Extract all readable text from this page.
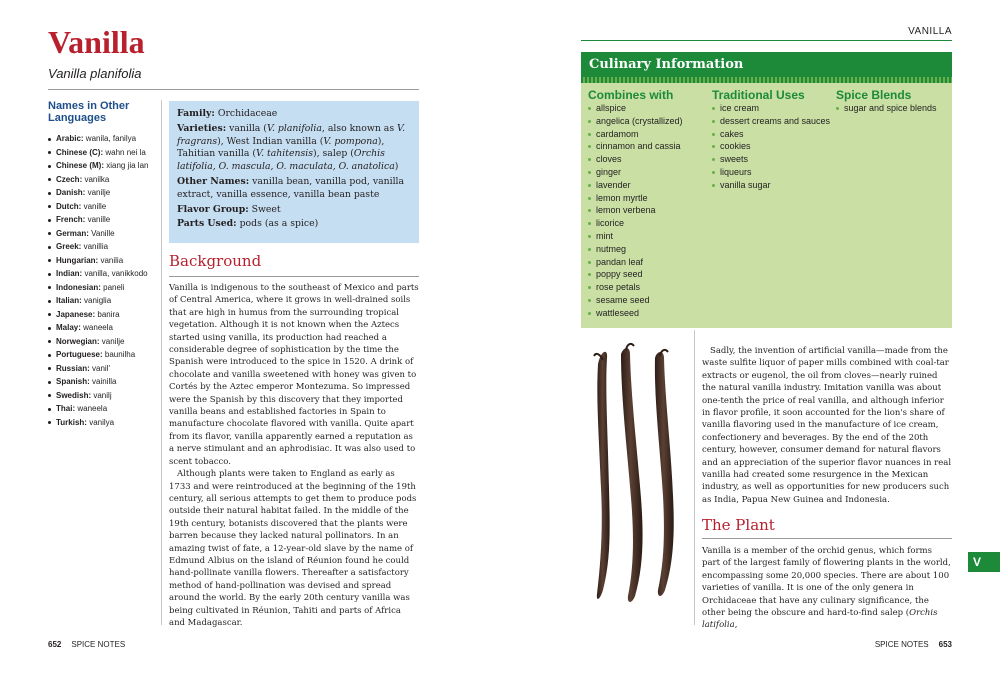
Vanilla
Vanilla planifolia
Names in Other Languages
Arabic: wanila, fanilya
Chinese (C): wahn nei la
Chinese (M): xiang jia lan
Czech: vanilka
Danish: vanilje
Dutch: vanille
French: vanille
German: Vanille
Greek: vanillia
Hungarian: vanilia
Indian: vanilla, vanikkodo
Indonesian: paneli
Italian: vaniglia
Japanese: banira
Malay: waneela
Norwegian: vanilje
Portuguese: baunilha
Russian: vanil'
Spanish: vainilla
Swedish: vanilj
Thai: waneela
Turkish: vanilya

Family: Orchidaceae

Varieties: vanilla (V. planifolia, also known as V. fragrans), West Indian vanilla (V. pompona), Tahitian vanilla (V. tahitensis), salep (Orchis latifolia, O. mascula, O. maculata, O. anatolica)

Other Names: vanilla bean, vanilla pod, vanilla extract, vanilla essence, vanilla bean paste

Flavor Group: Sweet

Parts Used: pods (as a spice)

Background

Vanilla is indigenous to the southeast of Mexico and parts of Central America, where it grows in well-drained soils that are high in humus from the surrounding tropical vegetation. Although it is not known when the Aztecs started using vanilla, its production had reached a considerable degree of sophistication by the time the Spanish were introduced to the spice in 1520. A drink of chocolate and vanilla sweetened with honey was given to Cortés by the Aztec emperor Montezuma. So impressed were the Spanish by this discovery that they imported vanilla beans and established factories in Spain to manufacture chocolate flavored with vanilla. Quite apart from its flavor, vanilla apparently earned a reputation as a nerve stimulant and an aphrodisiac. It was also used to scent tobacco.

Although plants were taken to England as early as 1733 and were reintroduced at the beginning of the 19th century, all serious attempts to get them to produce pods outside their natural habitat failed. In the middle of the 19th century, botanists discovered that the plants were barren because they lacked natural pollinators. In an amazing twist of fate, a 12-year-old slave by the name of Edmund Albius on the island of Réunion found he could hand-pollinate vanilla flowers. Thereafter a satisfactory method of hand-pollination was devised and spread around the world. By the early 20th century vanilla was being cultivated in Réunion, Tahiti and parts of Africa and Madagascar.

652 SPICE NOTES
VANILLA
Culinary Information
Combines with
allspice
angelica (crystallized)
cardamom
cinnamon and cassia
cloves
ginger
lavender
lemon myrtle
lemon verbena
licorice
mint
nutmeg
pandan leaf
poppy seed
rose petals
sesame seed
wattleseed
Traditional Uses
ice cream
dessert creams and sauces
cakes
cookies
sweets
liqueurs
vanilla sugar
Spice Blends
sugar and spice blends

Sadly, the invention of artificial vanilla—made from the waste sulfite liquor of paper mills combined with coal-tar extracts or eugenol, the oil from cloves—nearly ruined the natural vanilla industry. Imitation vanilla was about one-tenth the price of real vanilla, and although inferior in flavor profile, it soon accounted for the lion's share of vanilla flavoring used in the manufacture of ice cream, confectionery and beverages. By the end of the 20th century, however, consumer demand for natural flavors and an appreciation of the superior flavor nuances in real vanilla had created some resurgence in the Mexican industry, as well as opportunities for new producers such as India, Papua New Guinea and Indonesia.

The Plant

Vanilla is a member of the orchid genus, which forms part of the largest family of flowering plants in the world, encompassing some 20,000 species. There are about 100 varieties of vanilla. It is one of the only genera in Orchidaceae that have any culinary significance, the other being the obscure and hard-to-find salep (Orchis latifolia,

V
SPICE NOTES 653
